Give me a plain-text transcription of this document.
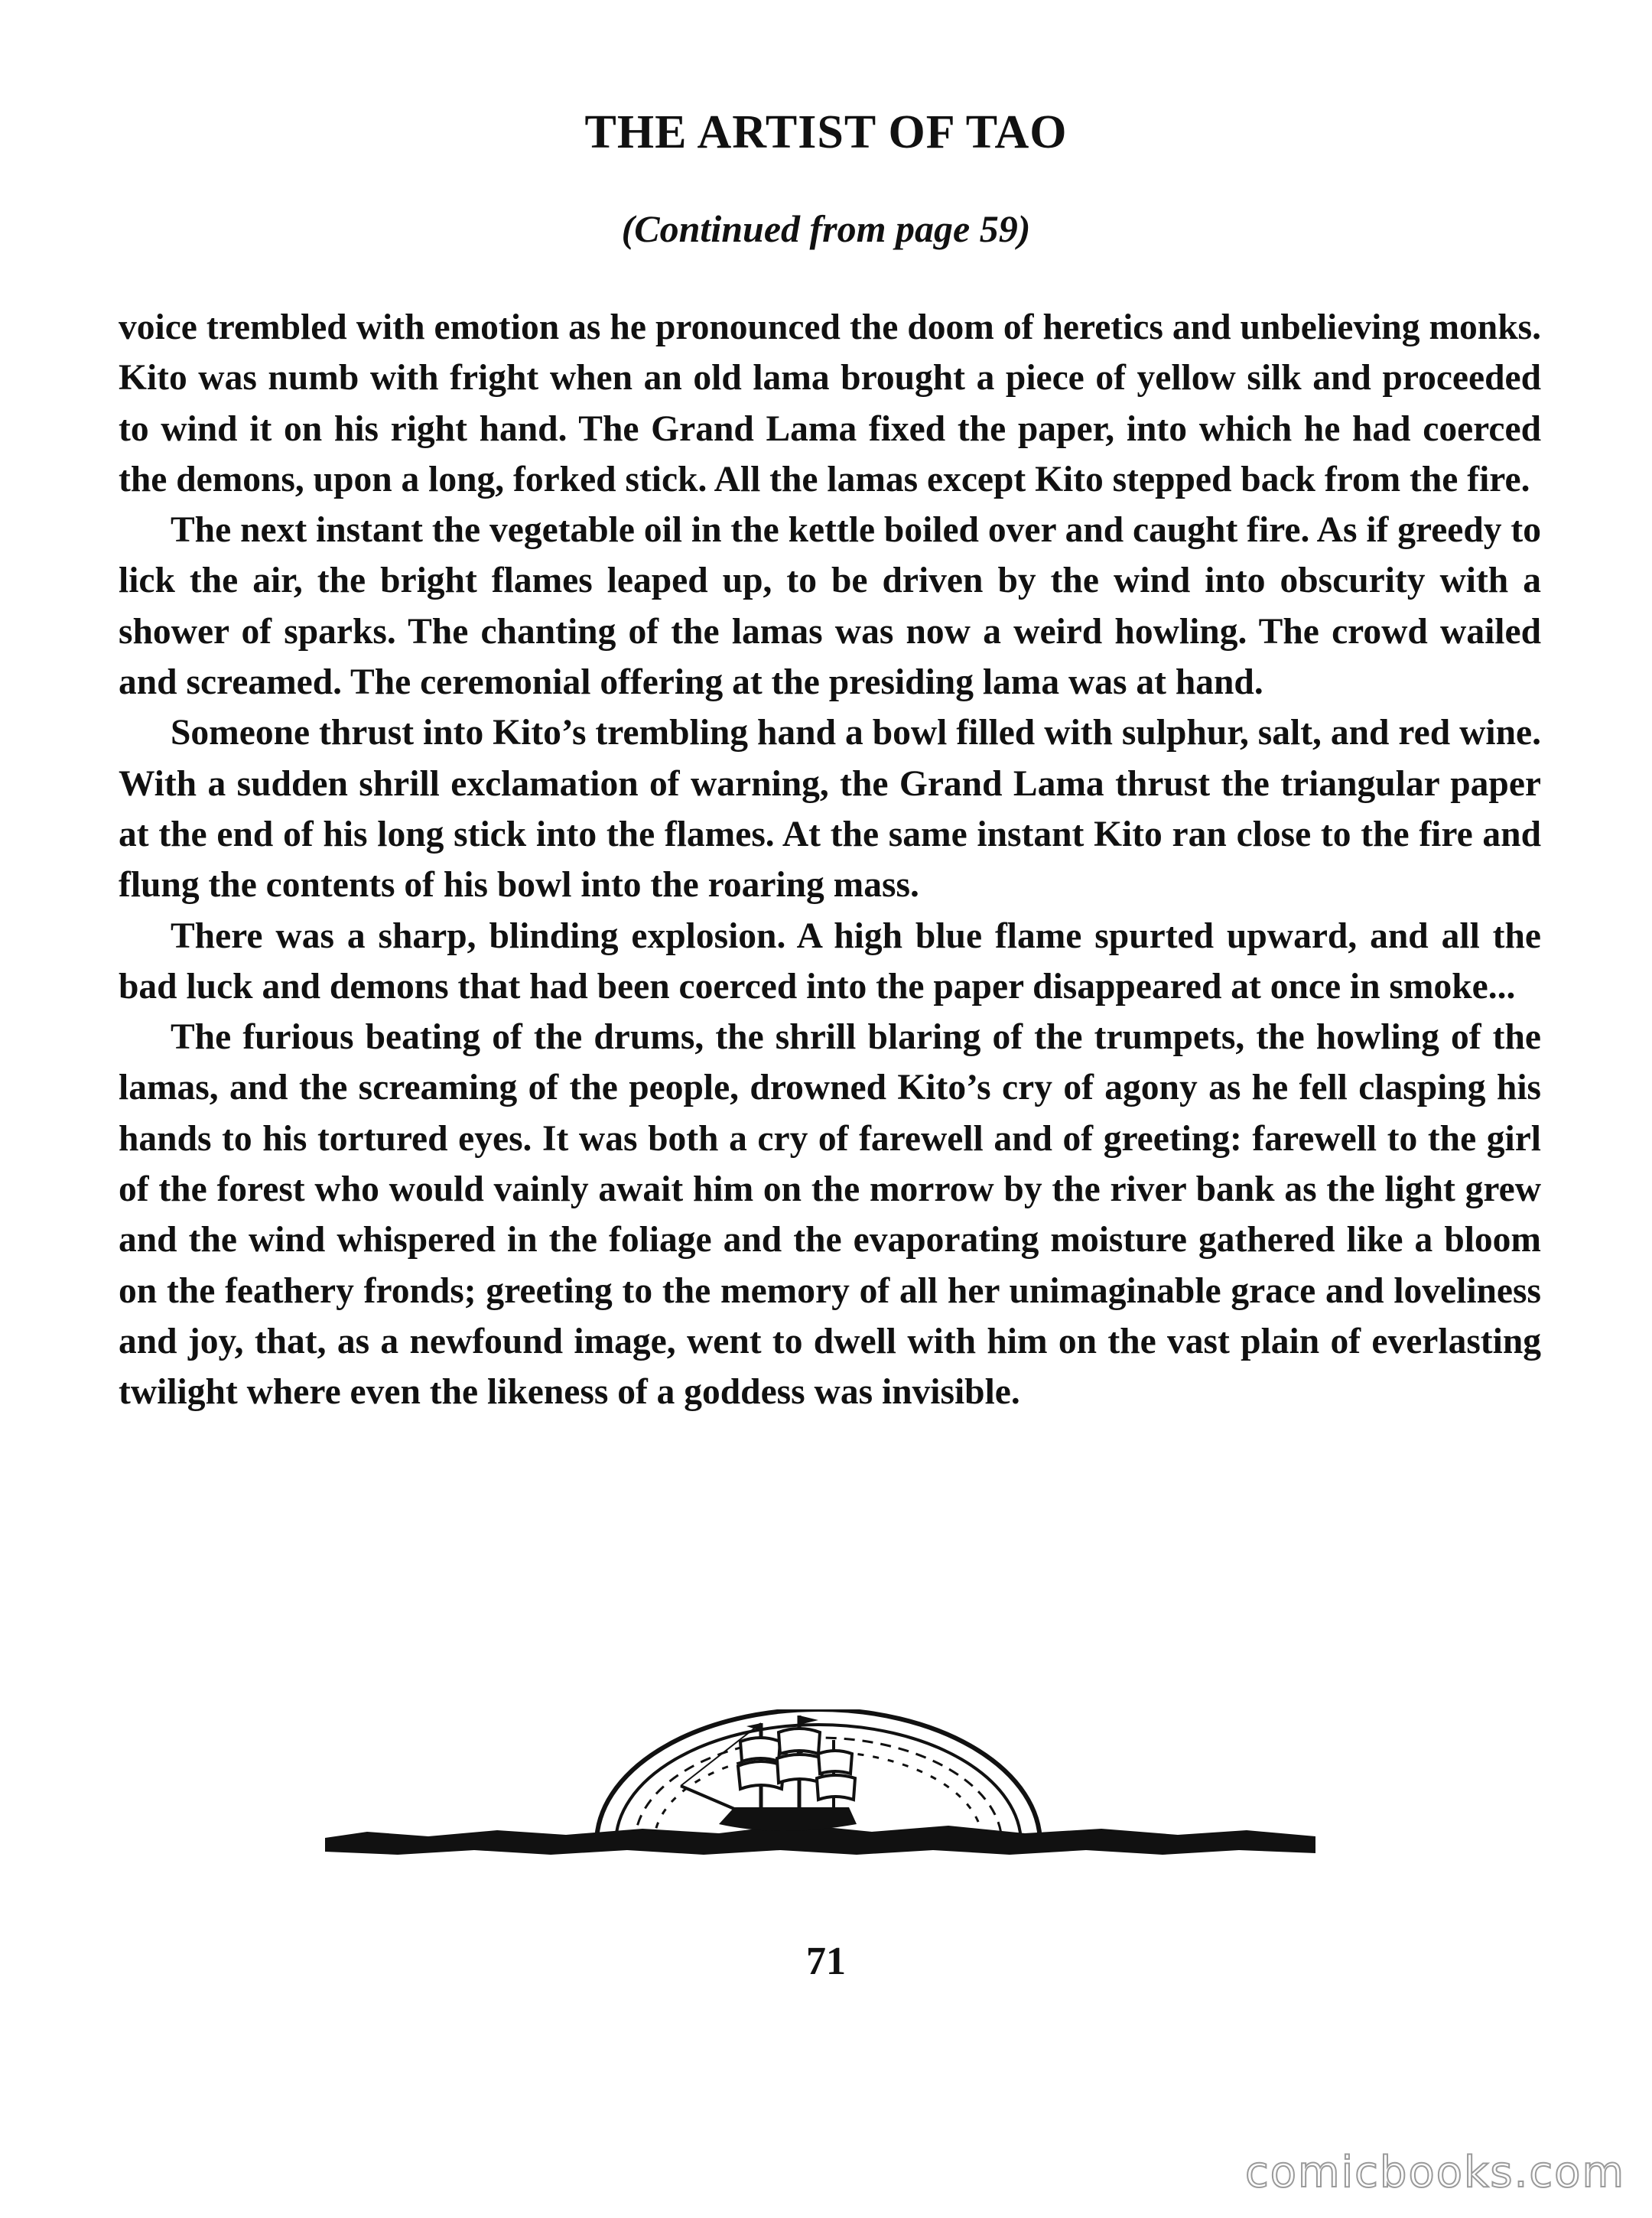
THE ARTIST OF TAO
(Continued from page 59)

voice trembled with emotion as he pronounced the doom of heretics and unbelieving monks. Kito was numb with fright when an old lama brought a piece of yellow silk and proceeded to wind it on his right hand. The Grand Lama fixed the paper, into which he had coerced the demons, upon a long, forked stick. All the lamas except Kito stepped back from the fire.

The next instant the vegetable oil in the kettle boiled over and caught fire. As if greedy to lick the air, the bright flames leaped up, to be driven by the wind into obscurity with a shower of sparks. The chanting of the lamas was now a weird howling. The crowd wailed and screamed. The ceremonial offering at the presiding lama was at hand.

Someone thrust into Kito’s trembling hand a bowl filled with sulphur, salt, and red wine. With a sudden shrill exclamation of warning, the Grand Lama thrust the triangular paper at the end of his long stick into the flames. At the same instant Kito ran close to the fire and flung the contents of his bowl into the roaring mass.

There was a sharp, blinding explosion. A high blue flame spurted upward, and all the bad luck and demons that had been coerced into the paper disappeared at once in smoke...

The furious beating of the drums, the shrill blaring of the trumpets, the howling of the lamas, and the screaming of the people, drowned Kito’s cry of agony as he fell clasping his hands to his tortured eyes. It was both a cry of farewell and of greeting: farewell to the girl of the forest who would vainly await him on the morrow by the river bank as the light grew and the wind whispered in the foliage and the evaporating moisture gathered like a bloom on the feathery fronds; greeting to the memory of all her unimaginable grace and loveliness and joy, that, as a newfound image, went to dwell with him on the vast plain of everlasting twilight where even the likeness of a goddess was invisible.

71
comicbooks.com
